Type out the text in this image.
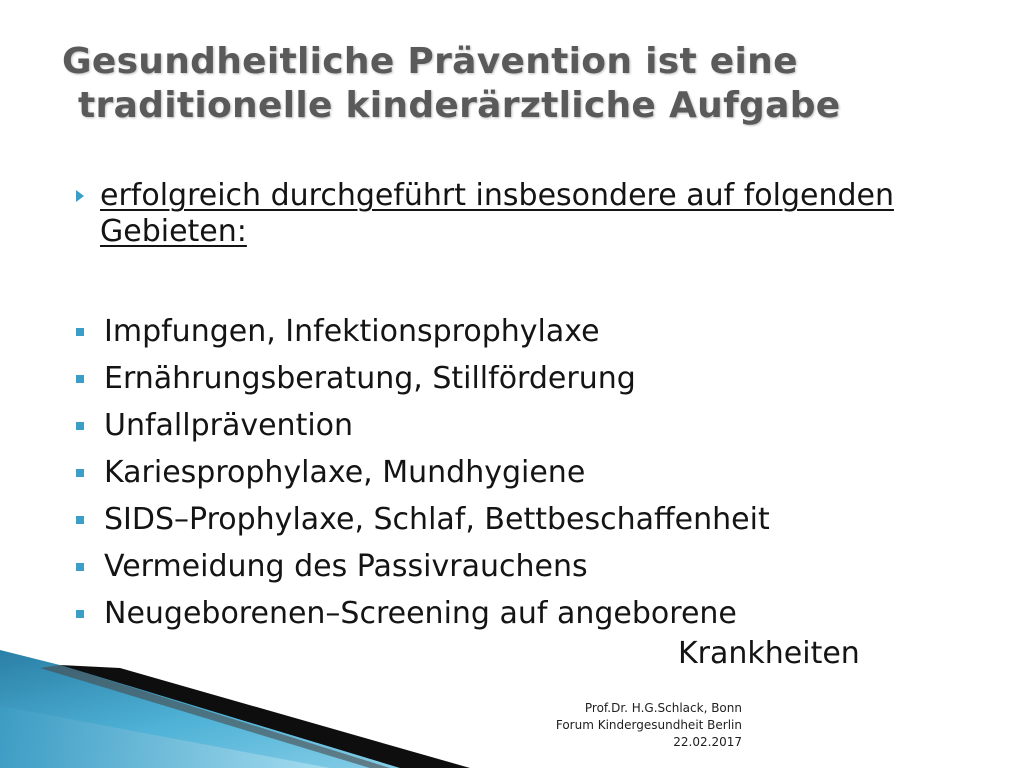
Gesundheitliche Prävention ist eine
traditionelle kinderärztliche Aufgabe
erfolgreich durchgeführt insbesondere auf folgenden Gebieten:
Impfungen, Infektionsprophylaxe
Ernährungsberatung, Stillförderung
Unfallprävention
Kariesprophylaxe, Mundhygiene
SIDS–Prophylaxe, Schlaf, Bettbeschaffenheit
Vermeidung des Passivrauchens
Neugeborenen–Screening auf angeborene
Krankheiten
Prof.Dr. H.G.Schlack, Bonn
Forum Kindergesundheit Berlin
22.02.2017
